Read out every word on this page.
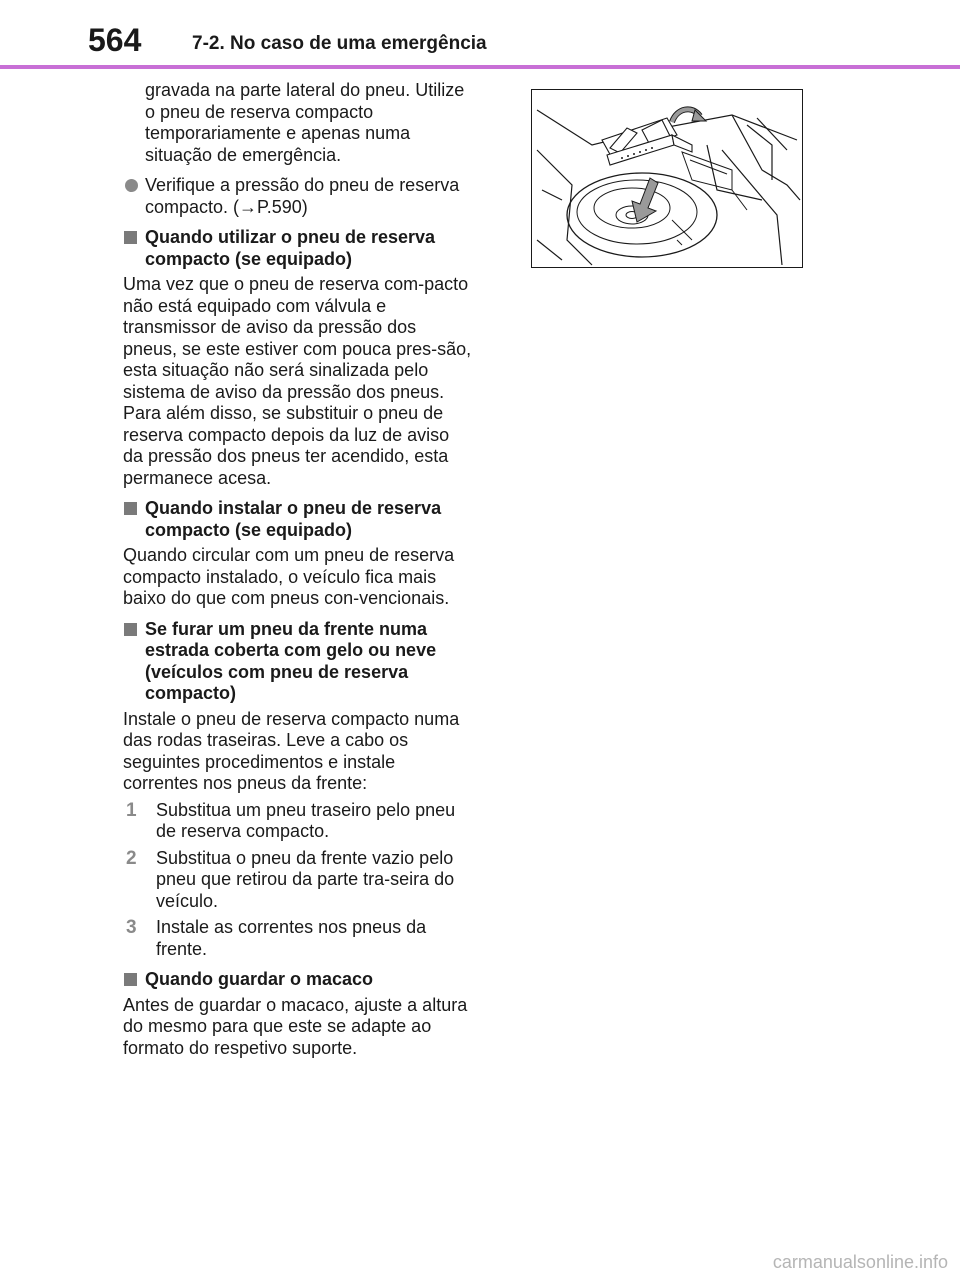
564	7-2. No caso de uma emergência

gravada na parte lateral do pneu. Utilize o pneu de reserva compacto temporariamente e apenas numa situação de emergência.

Verifique a pressão do pneu de reserva compacto. (→P.590)
Quando utilizar o pneu de reserva compacto (se equipado)

Uma vez que o pneu de reserva com-pacto não está equipado com válvula e transmissor de aviso da pressão dos pneus, se este estiver com pouca pres-são, esta situação não será sinalizada pelo sistema de aviso da pressão dos pneus. Para além disso, se substituir o pneu de reserva compacto depois da luz de aviso da pressão dos pneus ter acendido, esta permanece acesa.

Quando instalar o pneu de reserva compacto (se equipado)

Quando circular com um pneu de reserva compacto instalado, o veículo fica mais baixo do que com pneus con-vencionais.

Se furar um pneu da frente numa estrada coberta com gelo ou neve (veículos com pneu de reserva compacto)

Instale o pneu de reserva compacto numa das rodas traseiras. Leve a cabo os seguintes procedimentos e instale correntes nos pneus da frente:

1 Substitua um pneu traseiro pelo pneu de reserva compacto.
2 Substitua o pneu da frente vazio pelo pneu que retirou da parte tra-seira do veículo.
3 Instale as correntes nos pneus da frente.
Quando guardar o macaco

Antes de guardar o macaco, ajuste a altura do mesmo para que este se adapte ao formato do respetivo suporte.

carmanualsonline.info
